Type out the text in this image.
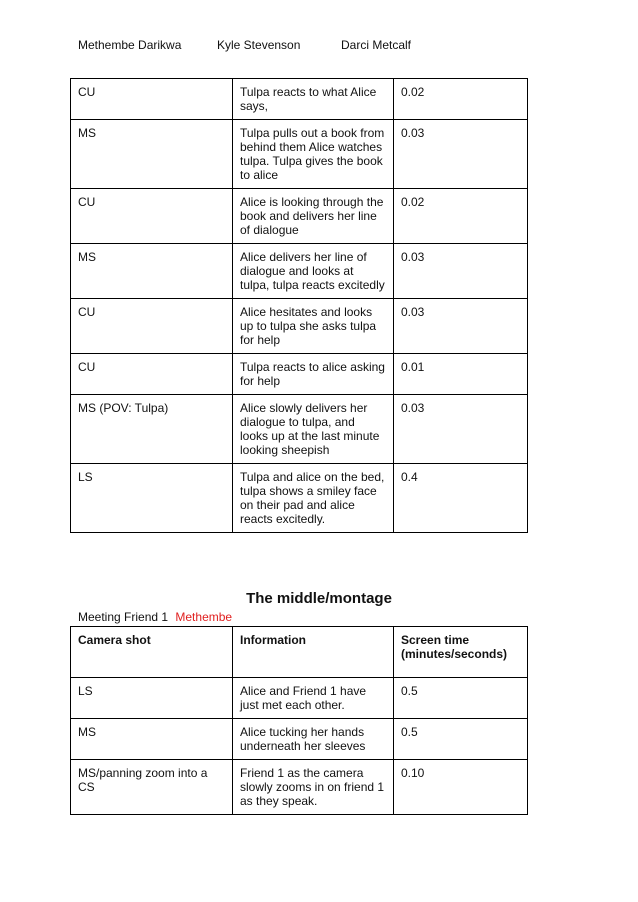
Methembe Darikwa	Kyle Stevenson	Darci Metcalf
CU	Tulpa reacts to what Alice says,	0.02
MS	Tulpa pulls out a book from behind them Alice watches tulpa. Tulpa gives the book to alice	0.03
CU	Alice is looking through the book and delivers her line of dialogue	0.02
MS	Alice delivers her line of dialogue and looks at tulpa, tulpa reacts excitedly	0.03
CU	Alice hesitates and looks up to tulpa she asks tulpa for help	0.03
CU	Tulpa reacts to alice asking for help	0.01
MS (POV: Tulpa)	Alice slowly delivers her dialogue to tulpa, and looks up at the last minute looking sheepish	0.03
LS	Tulpa and alice on the bed, tulpa shows a smiley face on their pad and alice reacts excitedly.	0.4
The middle/montage
Meeting Friend 1 Methembe
Camera shot	Information	Screen time (minutes/seconds)
LS	Alice and Friend 1 have just met each other.	0.5
MS	Alice tucking her hands underneath her sleeves	0.5
MS/panning zoom into a CS	Friend 1 as the camera slowly zooms in on friend 1 as they speak.	0.10
